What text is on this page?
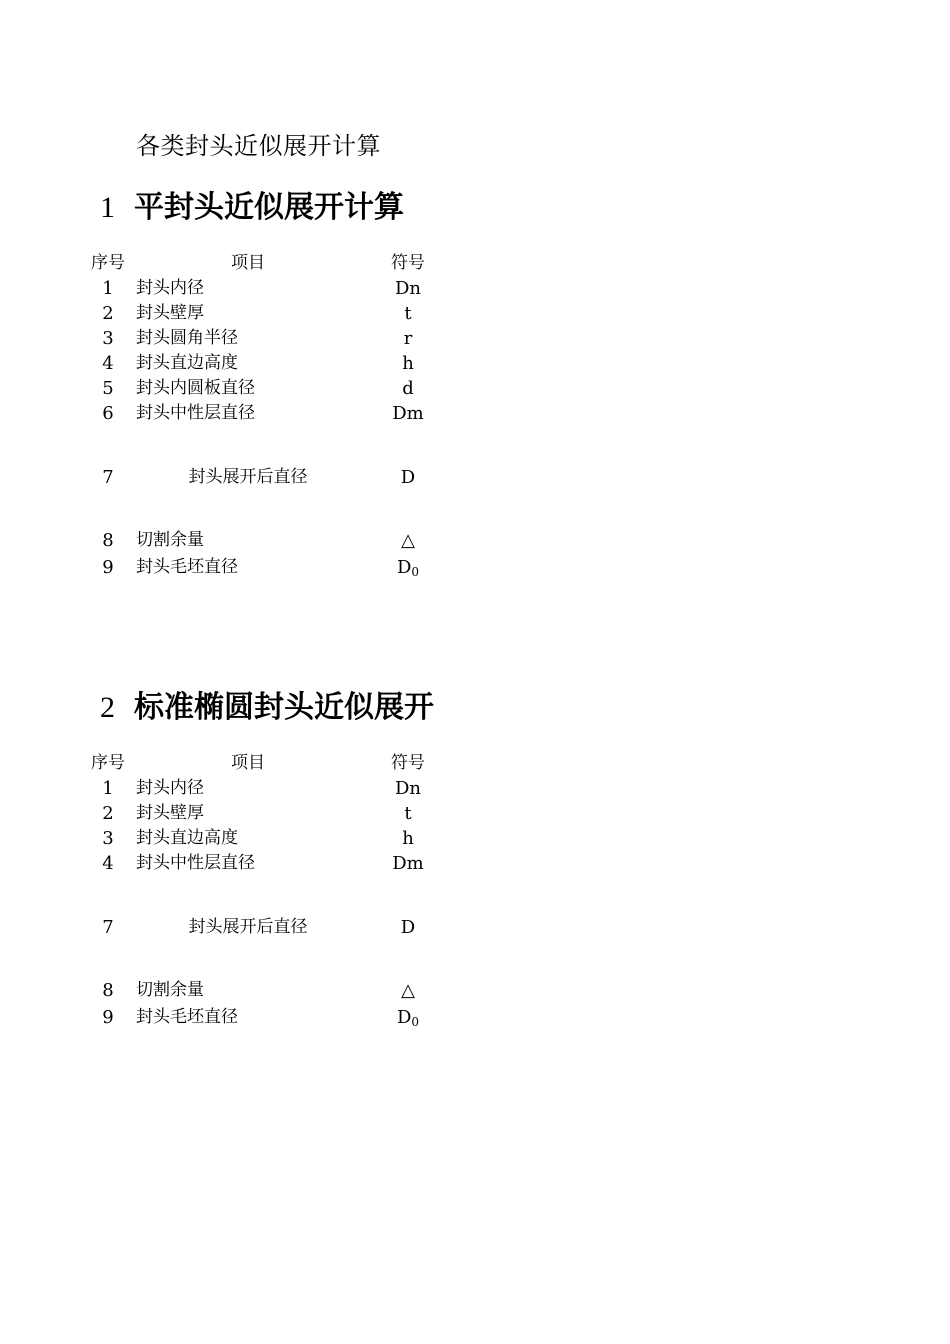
各类封头近似展开计算
1 平封头近似展开计算
序号	项目	符号
1	封头内径	Dn
2	封头壁厚	t
3	封头圆角半径	r
4	封头直边高度	h
5	封头内圆板直径	d
6	封头中性层直径	Dm
7	封头展开后直径	D
8	切割余量	△
9	封头毛坯直径	$D_0$
2 标准椭圆封头近似展开
序号	项目	符号
1	封头内径	Dn
2	封头壁厚	t
3	封头直边高度	h
4	封头中性层直径	Dm
7	封头展开后直径	D
8	切割余量	△
9	封头毛坯直径	$D_0$
